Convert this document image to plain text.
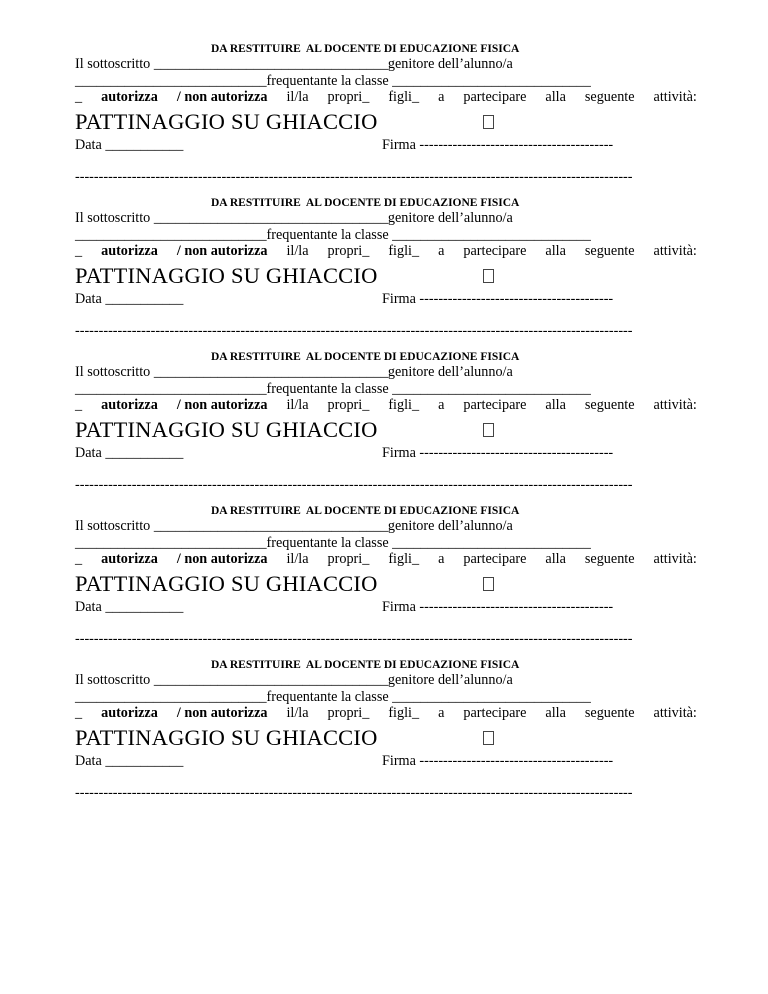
DA RESTITUIRE  AL DOCENTE DI EDUCAZIONE FISICA
Il sottoscritto _________________________________genitore dell’alunno/a
___________________________frequentante la classe ____________________________
_ autorizza / non autorizza il/la propri_ figli_ a partecipare alla seguente attività:
PATTINAGGIO SU GHIACCIO
Data ___________	Firma -----------------------------------------
----------------------------------------------------------------------------------------------------------------------
DA RESTITUIRE  AL DOCENTE DI EDUCAZIONE FISICA
Il sottoscritto _________________________________genitore dell’alunno/a
___________________________frequentante la classe ____________________________
_ autorizza / non autorizza il/la propri_ figli_ a partecipare alla seguente attività:
PATTINAGGIO SU GHIACCIO
Data ___________	Firma -----------------------------------------
----------------------------------------------------------------------------------------------------------------------
DA RESTITUIRE  AL DOCENTE DI EDUCAZIONE FISICA
Il sottoscritto _________________________________genitore dell’alunno/a
___________________________frequentante la classe ____________________________
_ autorizza / non autorizza il/la propri_ figli_ a partecipare alla seguente attività:
PATTINAGGIO SU GHIACCIO
Data ___________	Firma -----------------------------------------
----------------------------------------------------------------------------------------------------------------------
DA RESTITUIRE  AL DOCENTE DI EDUCAZIONE FISICA
Il sottoscritto _________________________________genitore dell’alunno/a
___________________________frequentante la classe ____________________________
_ autorizza / non autorizza il/la propri_ figli_ a partecipare alla seguente attività:
PATTINAGGIO SU GHIACCIO
Data ___________	Firma -----------------------------------------
----------------------------------------------------------------------------------------------------------------------
DA RESTITUIRE  AL DOCENTE DI EDUCAZIONE FISICA
Il sottoscritto _________________________________genitore dell’alunno/a
___________________________frequentante la classe ____________________________
_ autorizza / non autorizza il/la propri_ figli_ a partecipare alla seguente attività:
PATTINAGGIO SU GHIACCIO
Data ___________	Firma -----------------------------------------
----------------------------------------------------------------------------------------------------------------------
